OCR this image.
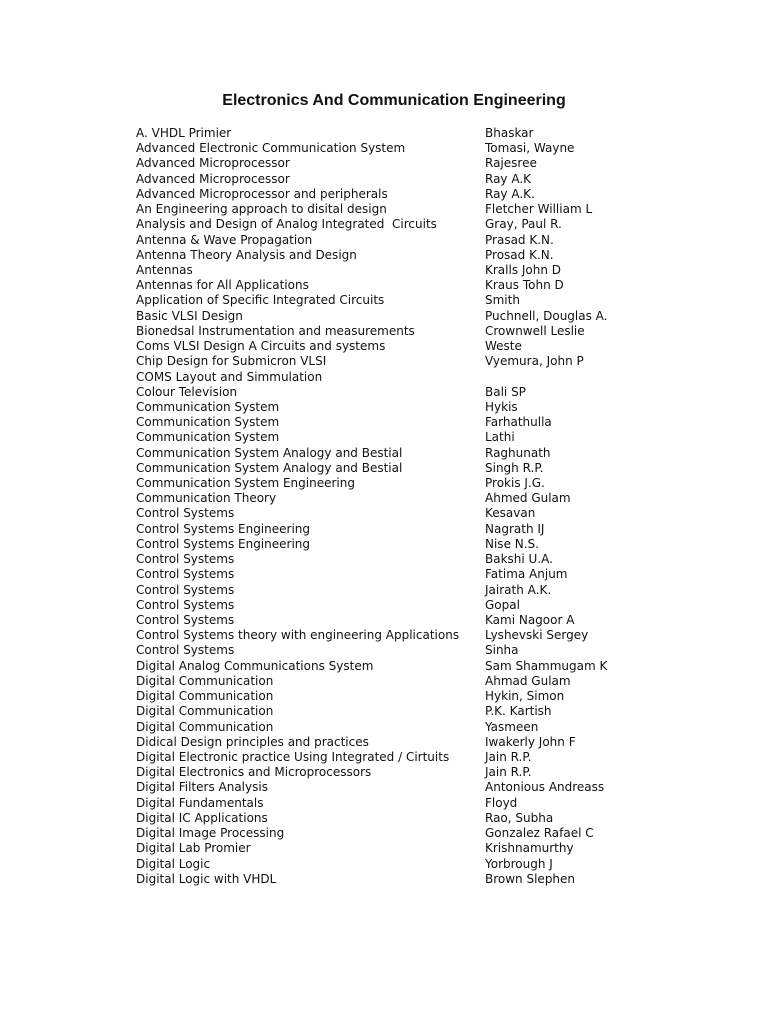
Electronics And Communication Engineering
A. VHDL Primier	Bhaskar
Advanced Electronic Communication System	Tomasi, Wayne
Advanced Microprocessor	Rajesree
Advanced Microprocessor	Ray A.K
Advanced Microprocessor and peripherals	Ray A.K.
An Engineering approach to disital design	Fletcher William L
Analysis and Design of Analog Integrated  Circuits	Gray, Paul R.
Antenna & Wave Propagation	Prasad K.N.
Antenna Theory Analysis and Design	Prosad K.N.
Antennas	Kralls John D
Antennas for All Applications	Kraus Tohn D
Application of Specific Integrated Circuits	Smith
Basic VLSI Design	Puchnell, Douglas A.
Bionedsal Instrumentation and measurements	Crownwell Leslie
Coms VLSI Design A Circuits and systems	Weste
Chip Design for Submicron VLSI	Vyemura, John P
COMS Layout and Simmulation
Colour Television	Bali SP
Communication System	Hykis
Communication System	Farhathulla
Communication System	Lathi
Communication System Analogy and Bestial	Raghunath
Communication System Analogy and Bestial	Singh R.P.
Communication System Engineering	Prokis J.G.
Communication Theory	Ahmed Gulam
Control Systems	Kesavan
Control Systems Engineering	Nagrath IJ
Control Systems Engineering	Nise N.S.
Control Systems	Bakshi U.A.
Control Systems	Fatima Anjum
Control Systems	Jairath A.K.
Control Systems	Gopal
Control Systems	Kami Nagoor A
Control Systems theory with engineering Applications	Lyshevski Sergey
Control Systems	Sinha
Digital Analog Communications System	Sam Shammugam K
Digital Communication	Ahmad Gulam
Digital Communication	Hykin, Simon
Digital Communication	P.K. Kartish
Digital Communication	Yasmeen
Didical Design principles and practices	Iwakerly John F
Digital Electronic practice Using Integrated / Cirtuits	Jain R.P.
Digital Electronics and Microprocessors	Jain R.P.
Digital Filters Analysis	Antonious Andreass
Digital Fundamentals	Floyd
Digital IC Applications	Rao, Subha
Digital Image Processing	Gonzalez Rafael C
Digital Lab Promier	Krishnamurthy
Digital Logic	Yorbrough J
Digital Logic with VHDL	Brown Slephen
